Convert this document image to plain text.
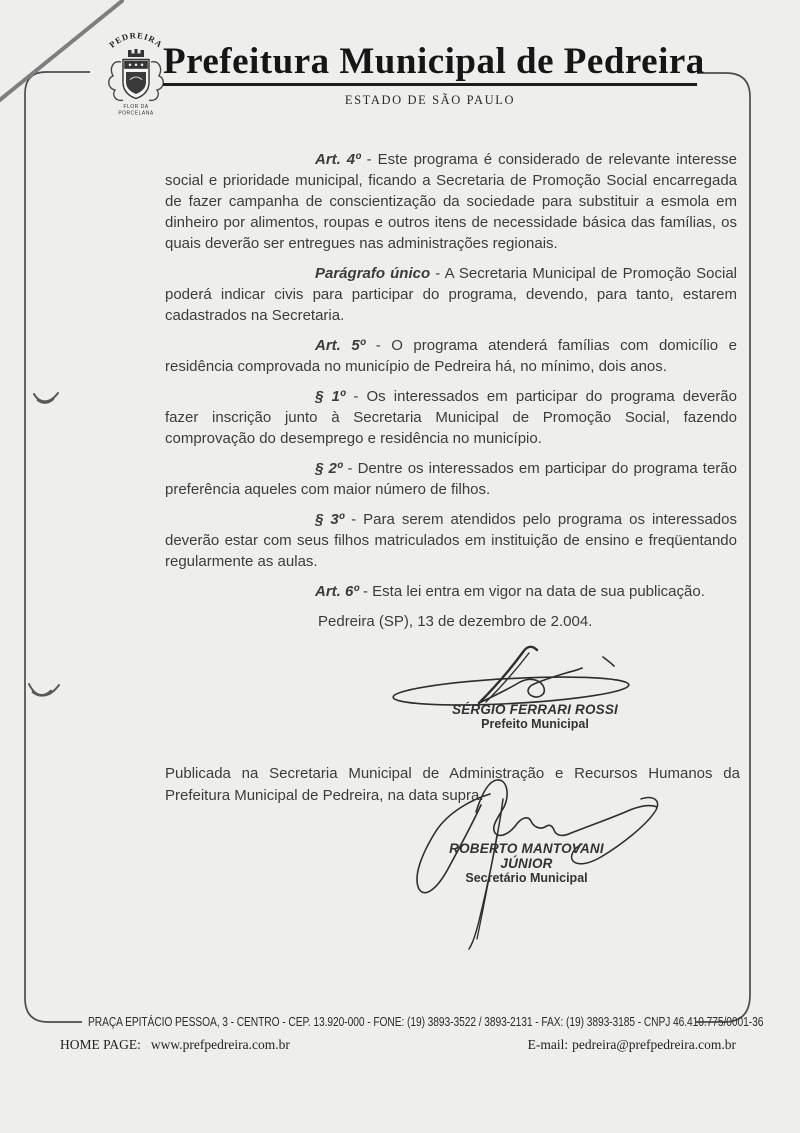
PEDREIRA
FLOR DA
PORCELANA
Prefeitura Municipal de Pedreira
ESTADO DE SÃO PAULO

Art. 4º - Este programa é considerado de relevante interesse social e prioridade municipal, ficando a Secretaria de Promoção Social encarregada de fazer campanha de conscientização da sociedade para substituir a esmola em dinheiro por alimentos, roupas e outros itens de necessidade básica das famílias, os quais deverão ser entregues nas administrações regionais.

Parágrafo único - A Secretaria Municipal de Promoção Social poderá indicar civis para participar do programa, devendo, para tanto, estarem cadastrados na Secretaria.

Art. 5º - O programa atenderá famílias com domicílio e residência comprovada no município de Pedreira há, no mínimo, dois anos.

§ 1º - Os interessados em participar do programa deverão fazer inscrição junto à Secretaria Municipal de Promoção Social, fazendo comprovação do desemprego e residência no município.

§ 2º - Dentre os interessados em participar do programa terão preferência aqueles com maior número de filhos.

§ 3º - Para serem atendidos pelo programa os interessados deverão estar com seus filhos matriculados em instituição de ensino e freqüentando regularmente as aulas.

Art. 6º - Esta lei entra em vigor na data de sua publicação.

Pedreira (SP), 13 de dezembro de 2.004.
SÉRGIO FERRARI ROSSI
Prefeito Municipal
Publicada na Secretaria Municipal de Administração e Recursos Humanos da Prefeitura Municipal de Pedreira, na data supra.
ROBERTO MANTOVANI JÚNIOR
Secretário Municipal
PRAÇA EPITÁCIO PESSOA, 3 - CENTRO - CEP. 13.920-000 - FONE: (19) 3893-3522 / 3893-2131 - FAX: (19) 3893-3185 - CNPJ 46.410.775/0001-36
HOME PAGE: www.prefpedreira.com.br	E-mail: pedreira@prefpedreira.com.br
